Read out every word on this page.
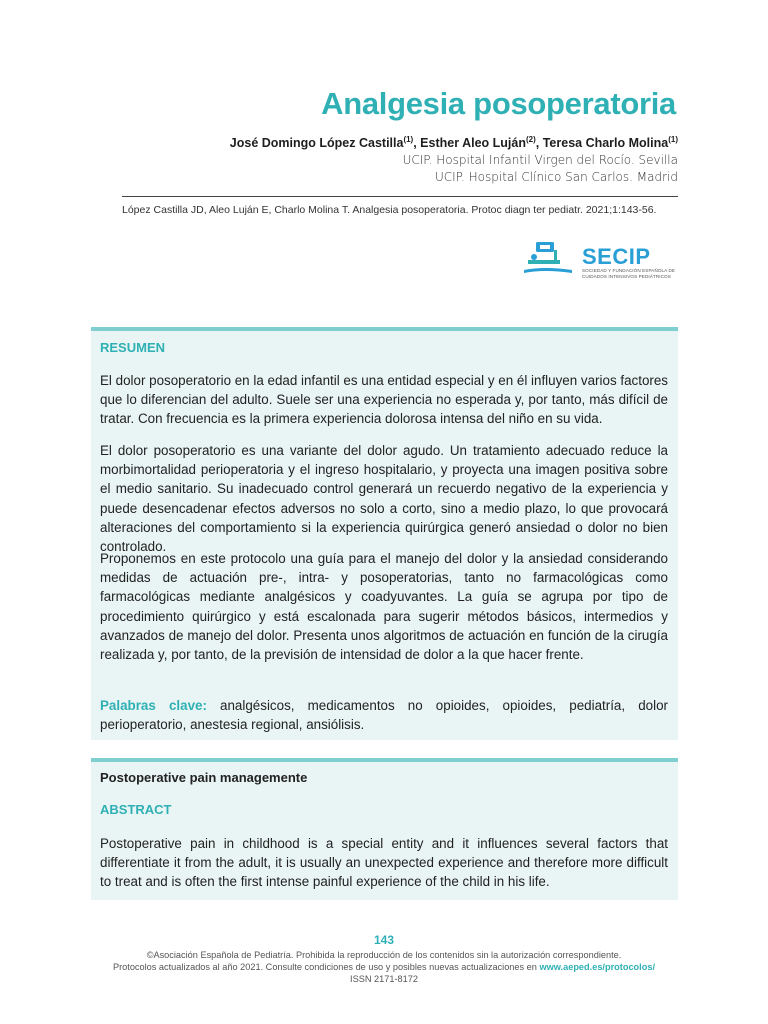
Analgesia posoperatoria
José Domingo López Castilla$^{(1)}$, Esther Aleo Luján$^{(2)}$, Teresa Charlo Molina$^{(1)}$
UCIP. Hospital Infantil Virgen del Rocío. Sevilla
UCIP. Hospital Clínico San Carlos. Madrid
López Castilla JD, Aleo Luján E, Charlo Molina T. Analgesia posoperatoria. Protoc diagn ter pediatr. 2021;1:143-56.
SECIP
SOCIEDAD Y FUNDACIÓN ESPAÑOLA DE
CUIDADOS INTENSIVOS PEDIÁTRICOS
RESUMEN
El dolor posoperatorio en la edad infantil es una entidad especial y en él influyen varios factores que lo diferencian del adulto. Suele ser una experiencia no esperada y, por tanto, más difícil de tratar. Con frecuencia es la primera experiencia dolorosa intensa del niño en su vida.
El dolor posoperatorio es una variante del dolor agudo. Un tratamiento adecuado reduce la morbimortalidad perioperatoria y el ingreso hospitalario, y proyecta una imagen positiva sobre el medio sanitario. Su inadecuado control generará un recuerdo negativo de la experiencia y puede desencadenar efectos adversos no solo a corto, sino a medio plazo, lo que provocará alteraciones del comportamiento si la experiencia quirúrgica generó ansiedad o dolor no bien controlado.
Proponemos en este protocolo una guía para el manejo del dolor y la ansiedad considerando medidas de actuación pre-, intra- y posoperatorias, tanto no farmacológicas como farmacológicas mediante analgésicos y coadyuvantes. La guía se agrupa por tipo de procedimiento quirúrgico y está escalonada para sugerir métodos básicos, intermedios y avanzados de manejo del dolor. Presenta unos algoritmos de actuación en función de la cirugía realizada y, por tanto, de la previsión de intensidad de dolor a la que hacer frente.
Palabras clave: analgésicos, medicamentos no opioides, opioides, pediatría, dolor perioperatorio, anestesia regional, ansiólisis.
Postoperative pain managemente
ABSTRACT
Postoperative pain in childhood is a special entity and it influences several factors that differentiate it from the adult, it is usually an unexpected experience and therefore more difficult to treat and is often the first intense painful experience of the child in his life.
143
©Asociación Española de Pediatría. Prohibida la reproducción de los contenidos sin la autorización correspondiente.
Protocolos actualizados al año 2021. Consulte condiciones de uso y posibles nuevas actualizaciones en www.aeped.es/protocolos/
ISSN 2171-8172
